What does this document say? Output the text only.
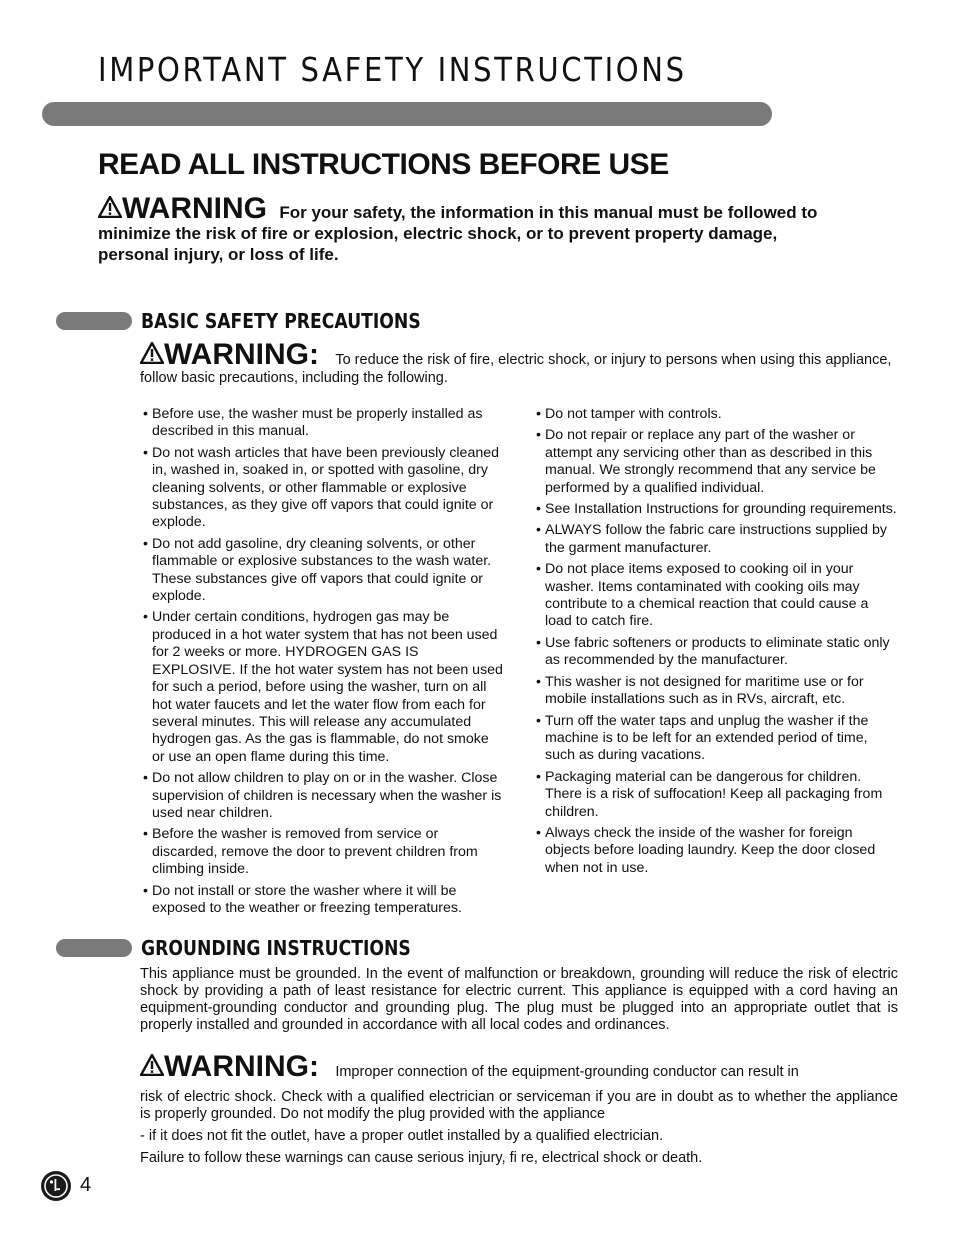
IMPORTANT SAFETY INSTRUCTIONS
READ ALL INSTRUCTIONS BEFORE USE
WARNING For your safety, the information in this manual must be followed to minimize the risk of fire or explosion, electric shock, or to prevent property damage, personal injury, or loss of life.
BASIC SAFETY PRECAUTIONS
WARNING: To reduce the risk of fire, electric shock, or injury to persons when using this appliance, follow basic precautions, including the following.
• Before use, the washer must be properly installed as described in this manual.
• Do not wash articles that have been previously cleaned in, washed in, soaked in, or spotted with gasoline, dry cleaning solvents, or other flammable or explosive substances, as they give off vapors that could ignite or explode.
• Do not add gasoline, dry cleaning solvents, or other flammable or explosive substances to the wash water. These substances give off vapors that could ignite or explode.
• Under certain conditions, hydrogen gas may be produced in a hot water system that has not been used for 2 weeks or more. HYDROGEN GAS IS EXPLOSIVE. If the hot water system has not been used for such a period, before using the washer, turn on all hot water faucets and let the water flow from each for several minutes. This will release any accumulated hydrogen gas. As the gas is flammable, do not smoke or use an open flame during this time.
• Do not allow children to play on or in the washer. Close supervision of children is necessary when the washer is used near children.
• Before the washer is removed from service or discarded, remove the door to prevent children from climbing inside.
• Do not install or store the washer where it will be exposed to the weather or freezing temperatures.
• Do not tamper with controls.
• Do not repair or replace any part of the washer or attempt any servicing other than as described in this manual. We strongly recommend that any service be performed by a qualified individual.
• See Installation Instructions for grounding requirements.
• ALWAYS follow the fabric care instructions supplied by the garment manufacturer.
• Do not place items exposed to cooking oil in your washer. Items contaminated with cooking oils may contribute to a chemical reaction that could cause a load to catch fire.
• Use fabric softeners or products to eliminate static only as recommended by the manufacturer.
• This washer is not designed for maritime use or for mobile installations such as in RVs, aircraft, etc.
• Turn off the water taps and unplug the washer if the machine is to be left for an extended period of time, such as during vacations.
• Packaging material can be dangerous for children. There is a risk of suffocation! Keep all packaging from children.
• Always check the inside of the washer for foreign objects before loading laundry. Keep the door closed when not in use.
GROUNDING INSTRUCTIONS

This appliance must be grounded. In the event of malfunction or breakdown, grounding will reduce the risk of electric shock by providing a path of least resistance for electric current. This appliance is equipped with a cord having an equipment-grounding conductor and grounding plug. The plug must be plugged into an appropriate outlet that is properly installed and grounded in accordance with all local codes and ordinances.

WARNING: Improper connection of the equipment-grounding conductor can result in

risk of electric shock. Check with a qualified electrician or serviceman if you are in doubt as to whether the appliance is properly grounded. Do not modify the plug provided with the appliance

- if it does not fit the outlet, have a proper outlet installed by a qualified electrician.

Failure to follow these warnings can cause serious injury, fi re, electrical shock or death.

4
